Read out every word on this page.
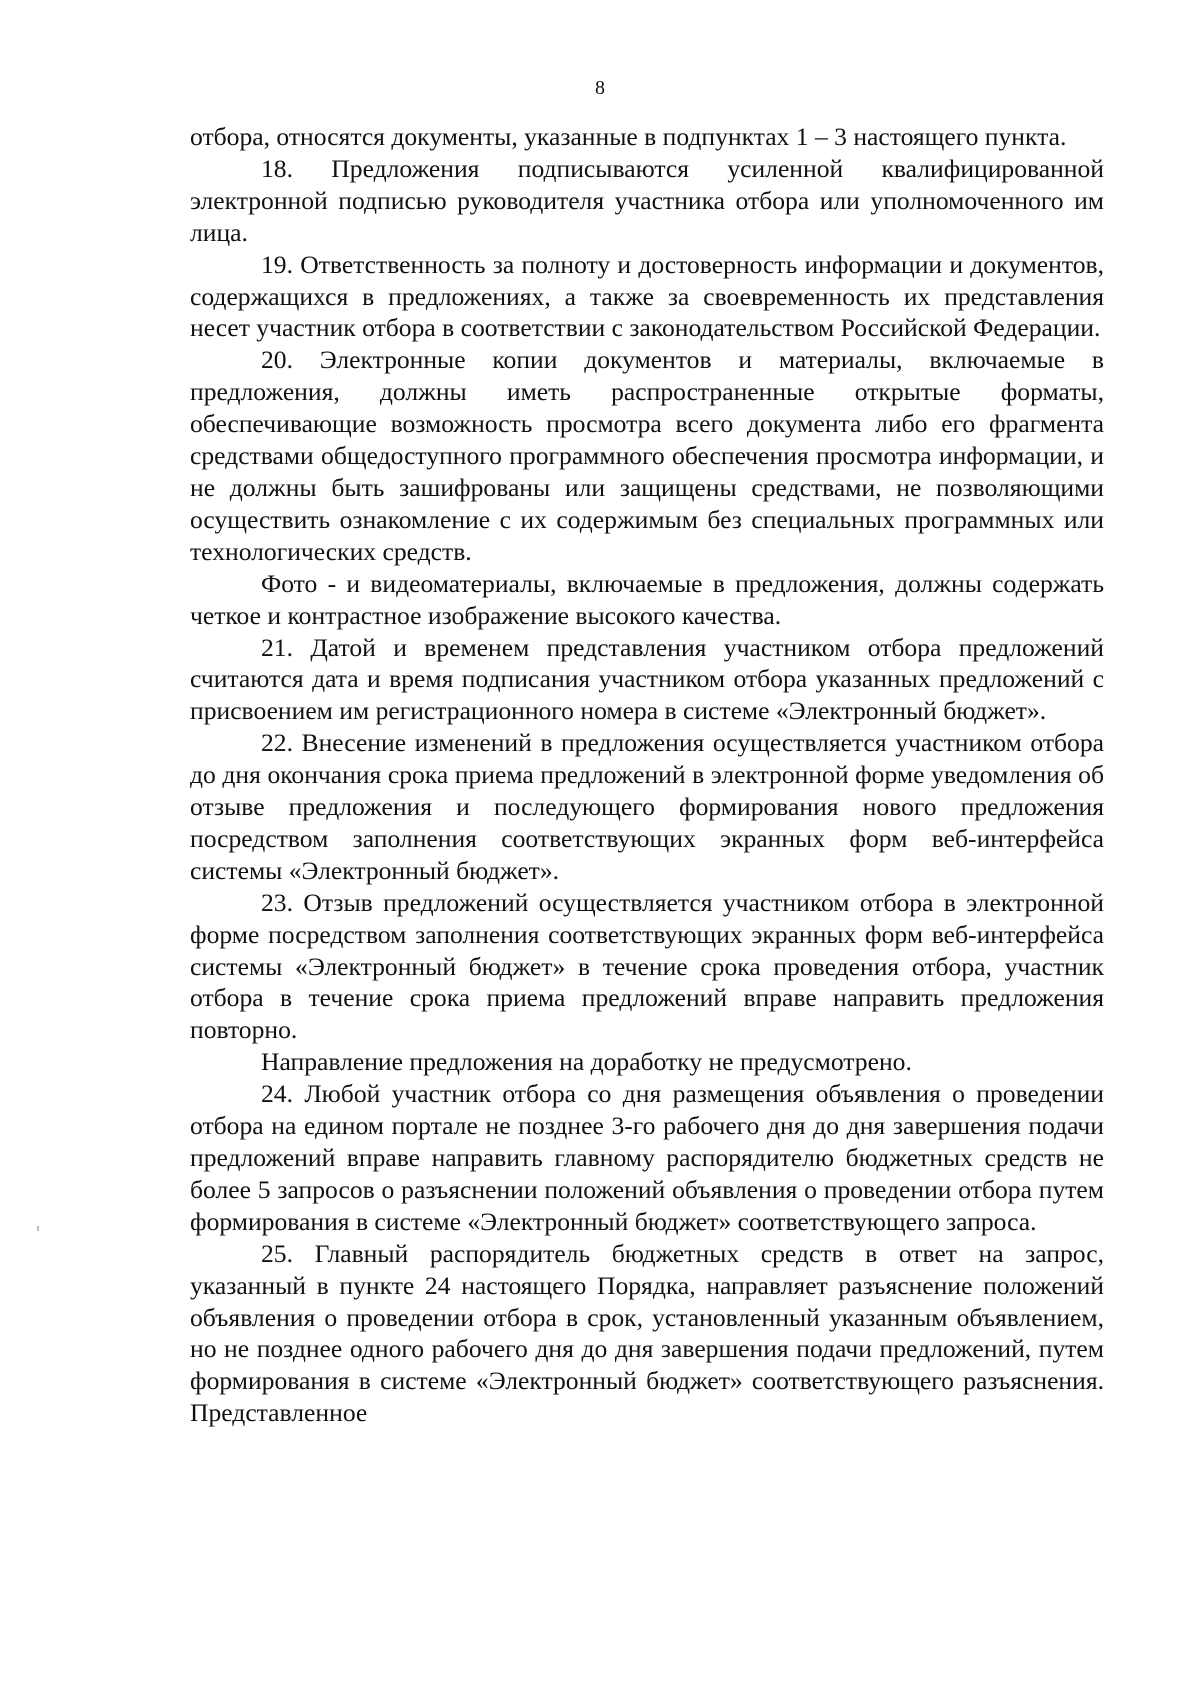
8

отбора, относятся документы, указанные в подпунктах 1 – 3 настоящего пункта.

18. Предложения подписываются усиленной квалифицированной электронной подписью руководителя участника отбора или уполномоченного им лица.

19. Ответственность за полноту и достоверность информации и документов, содержащихся в предложениях, а также за своевременность их представления несет участник отбора в соответствии с законодательством Российской Федерации.

20. Электронные копии документов и материалы, включаемые в предложения, должны иметь распространенные открытые форматы, обеспечивающие возможность просмотра всего документа либо его фрагмента средствами общедоступного программного обеспечения просмотра информации, и не должны быть зашифрованы или защищены средствами, не позволяющими осуществить ознакомление с их содержимым без специальных программных или технологических средств.

Фото - и видеоматериалы, включаемые в предложения, должны содержать четкое и контрастное изображение высокого качества.

21. Датой и временем представления участником отбора предложений считаются дата и время подписания участником отбора указанных предложений с присвоением им регистрационного номера в системе «Электронный бюджет».

22. Внесение изменений в предложения осуществляется участником отбора до дня окончания срока приема предложений в электронной форме уведомления об отзыве предложения и последующего формирования нового предложения посредством заполнения соответствующих экранных форм веб-интерфейса системы «Электронный бюджет».

23. Отзыв предложений осуществляется участником отбора в электронной форме посредством заполнения соответствующих экранных форм веб-интерфейса системы «Электронный бюджет» в течение срока проведения отбора, участник отбора в течение срока приема предложений вправе направить предложения повторно.

Направление предложения на доработку не предусмотрено.

24. Любой участник отбора со дня размещения объявления о проведении отбора на едином портале не позднее 3-го рабочего дня до дня завершения подачи предложений вправе направить главному распорядителю бюджетных средств не более 5 запросов о разъяснении положений объявления о проведении отбора путем формирования в системе «Электронный бюджет» соответствующего запроса.

25. Главный распорядитель бюджетных средств в ответ на запрос, указанный в пункте 24 настоящего Порядка, направляет разъяснение положений объявления о проведении отбора в срок, установленный указанным объявлением, но не позднее одного рабочего дня до дня завершения подачи предложений, путем формирования в системе «Электронный бюджет» соответствующего разъяснения. Представленное
